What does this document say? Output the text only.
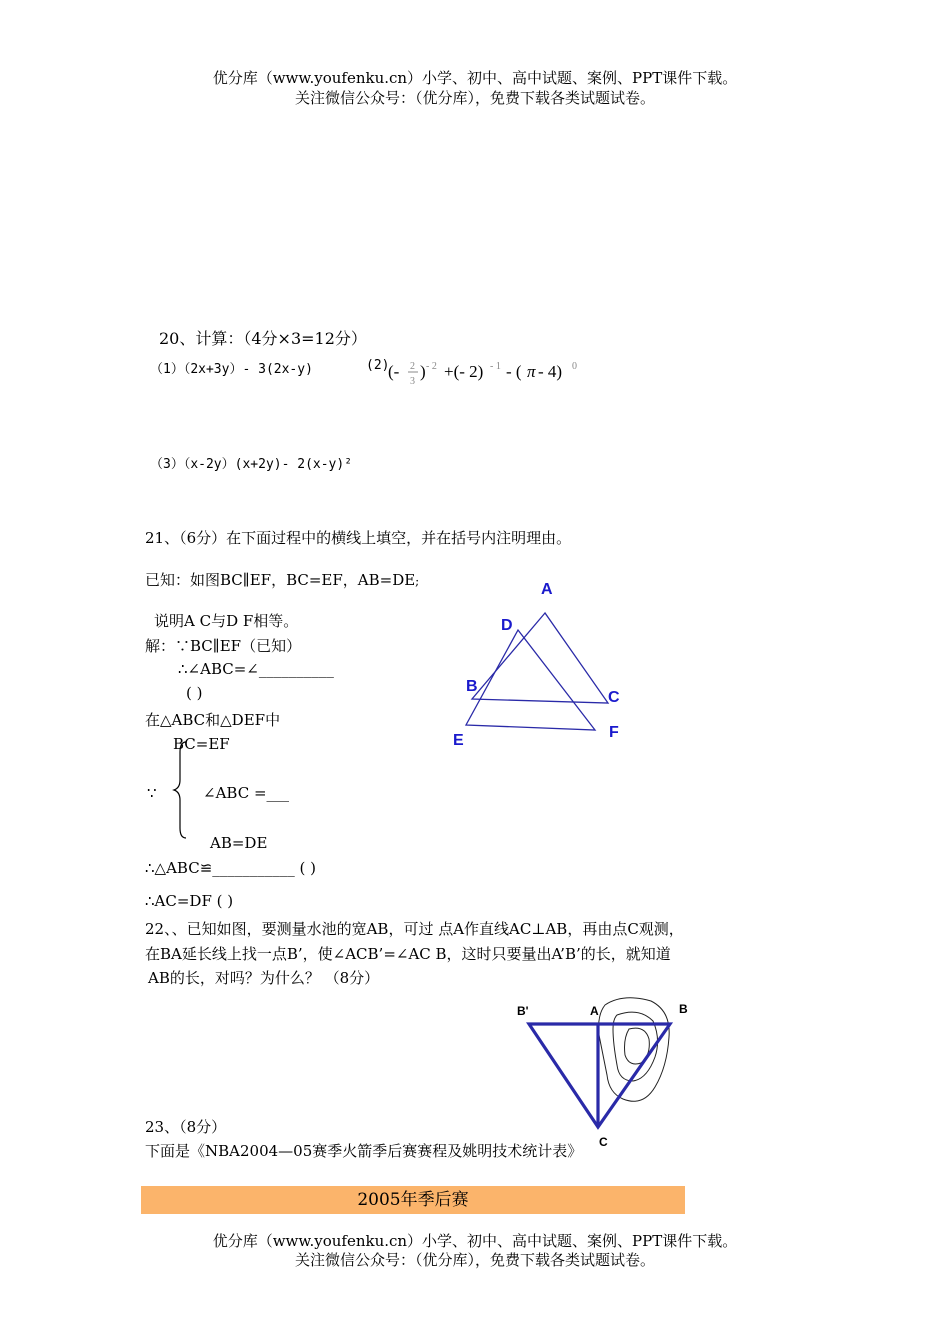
优分库（www.youfenku.cn）小学、初中、高中试题、案例、PPT课件下载。
关注微信公众号：（优分库），免费下载各类试题试卷。
20、计算：（4分×3=12分）
（1）（2x+3y）- 3(2x-y)	(2)
(- 2
3
) - 2 +(- 2) - 1 - ( π - 4) 0
（3）（x-2y）(x+2y)- 2(x-y)²
21、（6分）在下面过程中的横线上填空，并在括号内注明理由。
已知：如图BC∥EF，BC=EF，AB=DE;
说明A C与D F相等。
解：∵BC∥EF（已知）
∴∠ABC=∠__________
( )
在△ABC和△DEF中
BC=EF
∵	∠ABC =___
AB=DE
∴△ABC≌___________ ( )
∴AC=DF ( )
A
D
B
C
E	F
22、、已知如图，要测量水池的宽AB，可过 点A作直线AC⊥AB，再由点C观测，
在BA延长线上找一点B’，使∠ACB’=∠AC B，这时只要量出A’B’的长，就知道
AB的长，对吗？为什么？ （8分）
B'	A	B
C
23、（8分）
下面是《NBA2004—05赛季火箭季后赛赛程及姚明技术统计表》
2005年季后赛
优分库（www.youfenku.cn）小学、初中、高中试题、案例、PPT课件下载。
关注微信公众号：（优分库），免费下载各类试题试卷。
